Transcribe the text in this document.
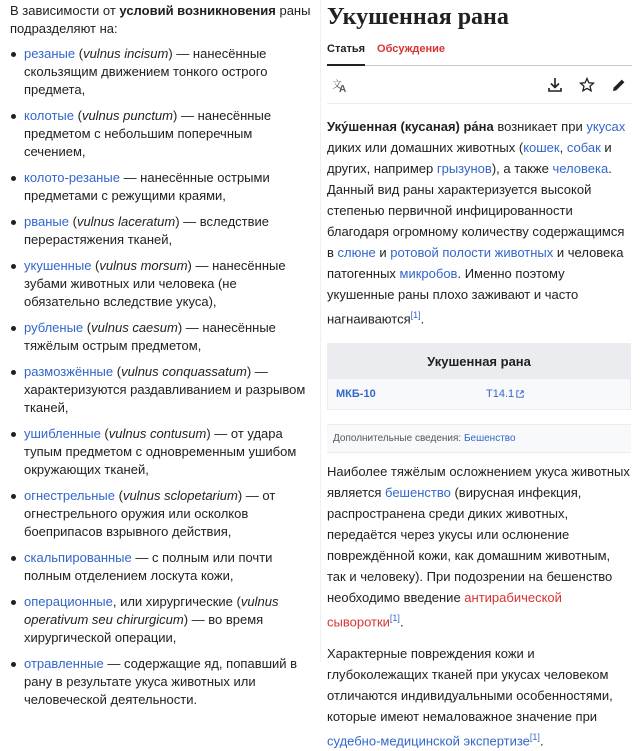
В зависимости от условий возникновения раны подразделяют на:

резаные (vulnus incisum) — нанесённые скользящим движением тонкого острого предмета,
колотые (vulnus punctum) — нанесённые предметом с небольшим поперечным сечением,
колото-резаные — нанесённые острыми предметами с режущими краями,
рваные (vulnus laceratum) — вследствие перерастяжения тканей,
укушенные (vulnus morsum) — нанесённые зубами животных или человека (не обязательно вследствие укуса),
рубленые (vulnus caesum) — нанесённые тяжёлым острым предметом,
размозжённые (vulnus conquassatum) — характеризуются раздавливанием и разрывом тканей,
ушибленные (vulnus contusum) — от удара тупым предметом с одновременным ушибом окружающих тканей,
огнестрельные (vulnus sclopetarium) — от огнестрельного оружия или осколков боеприпасов взрывного действия,
скальпированные — с полным или почти полным отделением лоскута кожи,
операционные, или хирургические (vulnus operativum seu chirurgicum) — во время хирургической операции,
отравленные — содержащие яд, попавший в рану в результате укуса животных или человеческой деятельности.
Укушенная рана
Статья Обсуждение
文
A

Уку́шенная (кусаная) ра́на возникает при укусах диких или домашних животных (кошек, собак и других, например грызунов), а также человека. Данный вид раны характеризуется высокой степенью первичной инфицированности благодаря огромному количеству содержащимся в слюне и ротовой полости животных и человека патогенных микробов. Именно поэтому укушенные раны плохо заживают и часто нагнаиваются[1].

Укушенная рана
МКБ-10	T14.1
Дополнительные сведения: Бешенство

Наиболее тяжёлым осложнением укуса животных является бешенство (вирусная инфекция, распространена среди диких животных, передаётся через укусы или ослюнение повреждённой кожи, как домашним животным, так и человеку). При подозрении на бешенство необходимо введение антирабической сыворотки[1].

Характерные повреждения кожи и глубоколежащих тканей при укусах человеком отличаются индивидуальными особенностями, которые имеют немаловажное значение при судебно-медицинской экспертизе[1].
